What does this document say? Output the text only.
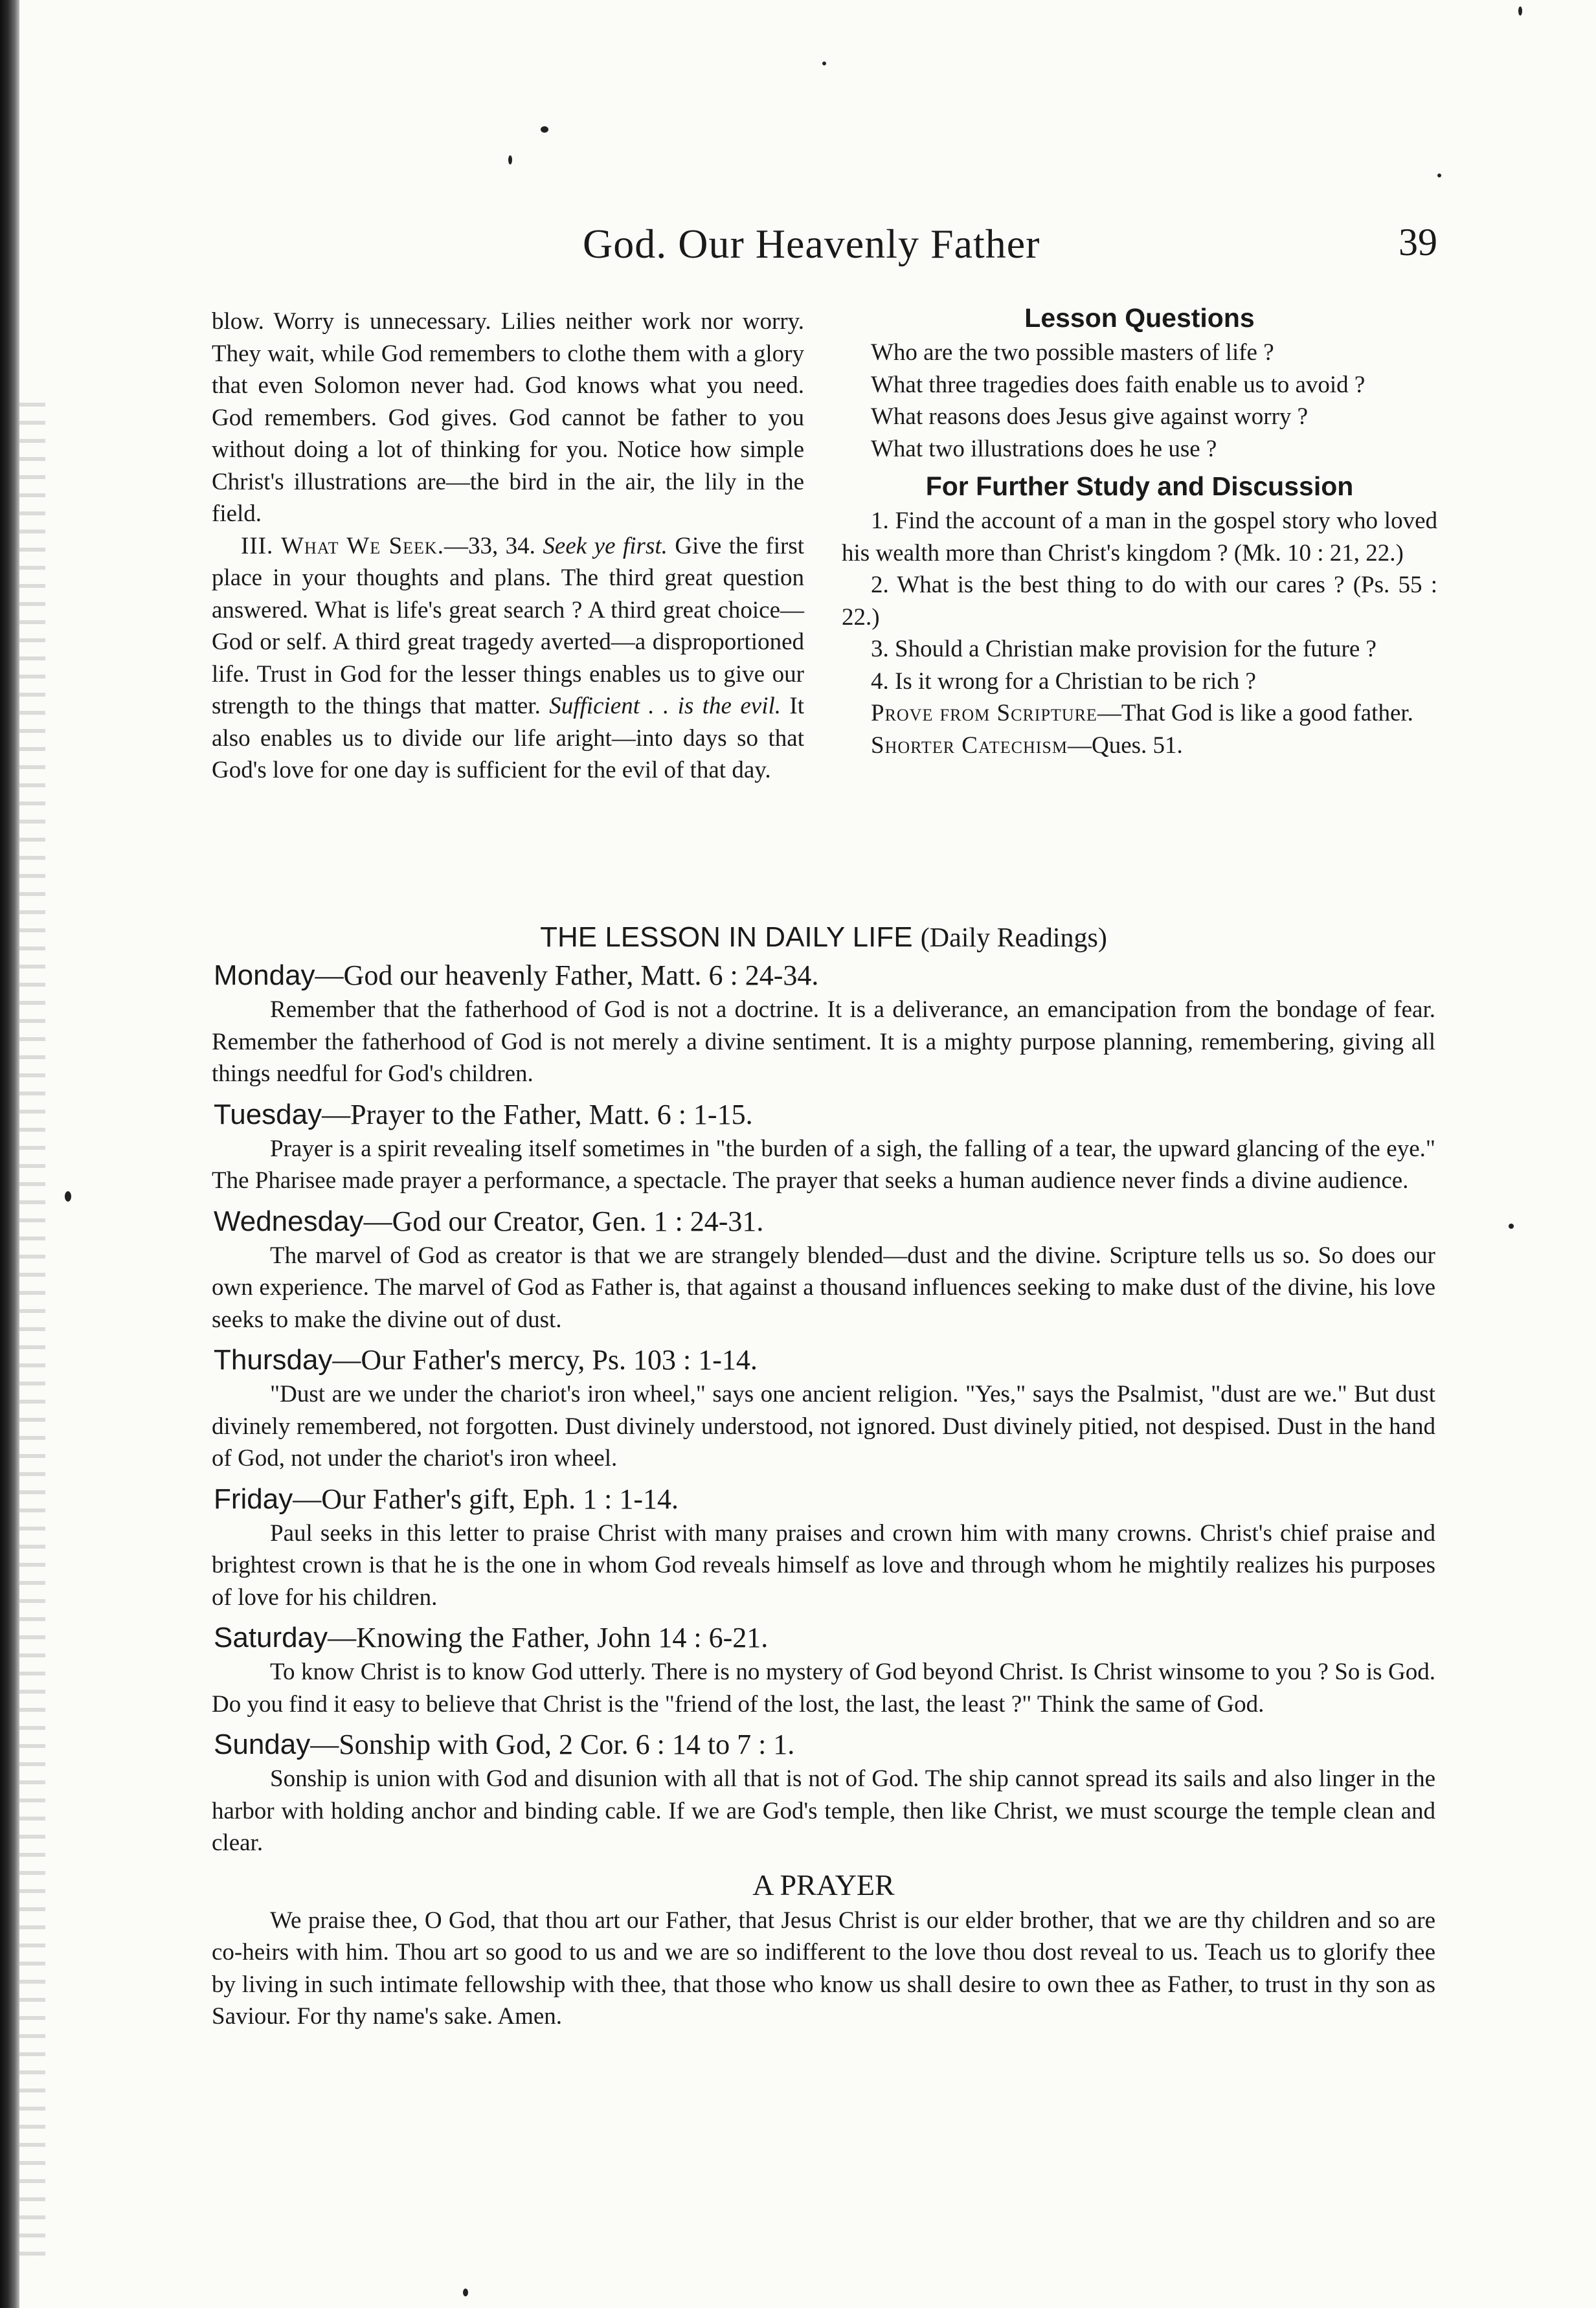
God. Our Heavenly Father	39

blow. Worry is unnecessary. Lilies neither work nor worry. They wait, while God remembers to clothe them with a glory that even Solomon never had. God knows what you need. God remembers. God gives. God cannot be father to you without doing a lot of thinking for you. Notice how simple Christ's illustrations are—the bird in the air, the lily in the field.

III. What We Seek.—33, 34. Seek ye first. Give the first place in your thoughts and plans. The third great question answered. What is life's great search ? A third great choice—God or self. A third great tragedy averted—a disproportioned life. Trust in God for the lesser things enables us to give our strength to the things that matter. Sufficient . . is the evil. It also enables us to divide our life aright—into days so that God's love for one day is sufficient for the evil of that day.

Lesson Questions

Who are the two possible masters of life ?

What three tragedies does faith enable us to avoid ?

What reasons does Jesus give against worry ?

What two illustrations does he use ?

For Further Study and Discussion

1. Find the account of a man in the gospel story who loved his wealth more than Christ's kingdom ? (Mk. 10 : 21, 22.)

2. What is the best thing to do with our cares ? (Ps. 55 : 22.)

3. Should a Christian make provision for the future ?

4. Is it wrong for a Christian to be rich ?

Prove from Scripture—That God is like a good father.

Shorter Catechism—Ques. 51.

THE LESSON IN DAILY LIFE (Daily Readings)
Monday—God our heavenly Father, Matt. 6 : 24-34.
Remember that the fatherhood of God is not a doctrine. It is a deliverance, an emancipation from the bondage of fear. Remember the fatherhood of God is not merely a divine sentiment. It is a mighty purpose planning, remembering, giving all things needful for God's children.
Tuesday—Prayer to the Father, Matt. 6 : 1-15.
Prayer is a spirit revealing itself sometimes in "the burden of a sigh, the falling of a tear, the upward glancing of the eye." The Pharisee made prayer a performance, a spectacle. The prayer that seeks a human audience never finds a divine audience.
Wednesday—God our Creator, Gen. 1 : 24-31.
The marvel of God as creator is that we are strangely blended—dust and the divine. Scripture tells us so. So does our own experience. The marvel of God as Father is, that against a thousand influences seeking to make dust of the divine, his love seeks to make the divine out of dust.
Thursday—Our Father's mercy, Ps. 103 : 1-14.
"Dust are we under the chariot's iron wheel," says one ancient religion. "Yes," says the Psalmist, "dust are we." But dust divinely remembered, not forgotten. Dust divinely understood, not ignored. Dust divinely pitied, not despised. Dust in the hand of God, not under the chariot's iron wheel.
Friday—Our Father's gift, Eph. 1 : 1-14.
Paul seeks in this letter to praise Christ with many praises and crown him with many crowns. Christ's chief praise and brightest crown is that he is the one in whom God reveals himself as love and through whom he mightily realizes his purposes of love for his children.
Saturday—Knowing the Father, John 14 : 6-21.
To know Christ is to know God utterly. There is no mystery of God beyond Christ. Is Christ winsome to you ? So is God. Do you find it easy to believe that Christ is the "friend of the lost, the last, the least ?" Think the same of God.
Sunday—Sonship with God, 2 Cor. 6 : 14 to 7 : 1.
Sonship is union with God and disunion with all that is not of God. The ship cannot spread its sails and also linger in the harbor with holding anchor and binding cable. If we are God's temple, then like Christ, we must scourge the temple clean and clear.
A PRAYER
We praise thee, O God, that thou art our Father, that Jesus Christ is our elder brother, that we are thy children and so are co-heirs with him. Thou art so good to us and we are so indifferent to the love thou dost reveal to us. Teach us to glorify thee by living in such intimate fellowship with thee, that those who know us shall desire to own thee as Father, to trust in thy son as Saviour. For thy name's sake. Amen.
